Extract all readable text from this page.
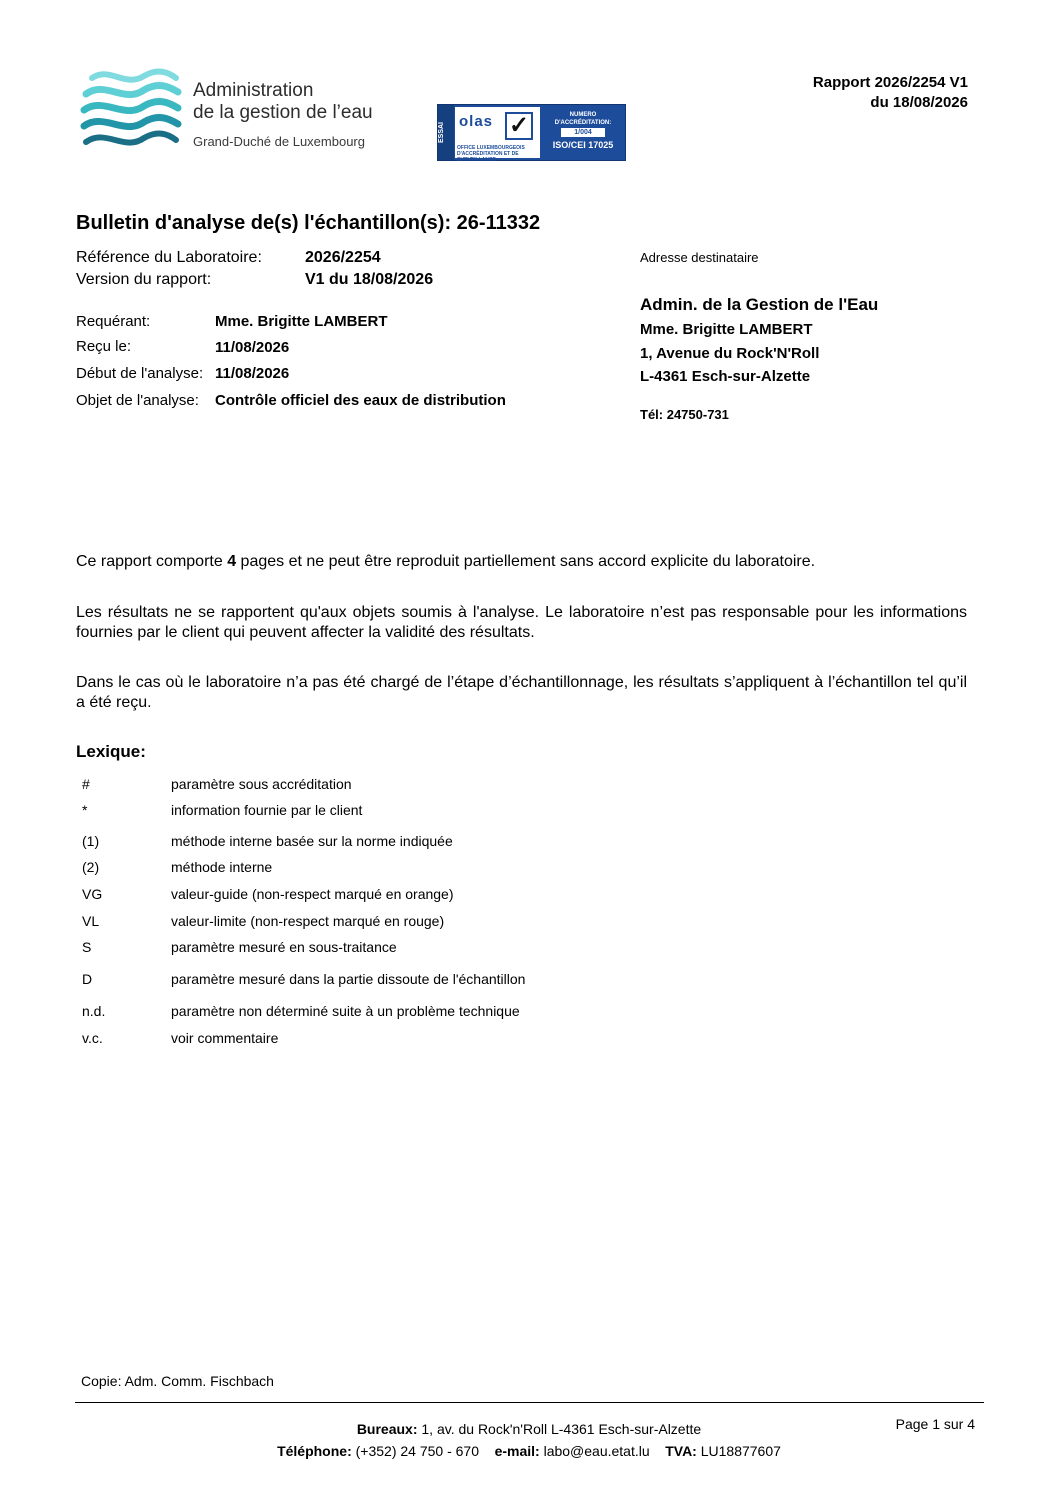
Administration
de la gestion de l’eau
Grand-Duché de Luxembourg	ESSAI
olas ✓
OFFICE LUXEMBOURGEOIS D'ACCRÉDITATION ET DE SURVEILLANCE
NUMERO D'ACCRÉDITATION:
1/004
ISO/CEI 17025
Rapport 2026/2254 V1
du 18/08/2026
Bulletin d'analyse de(s) l'échantillon(s): 26-11332
Référence du Laboratoire:	2026/2254
Version du rapport:	V1 du 18/08/2026
Requérant:	Mme. Brigitte LAMBERT
Reçu le:	11/08/2026
Début de l'analyse: 11/08/2026
Objet de l'analyse: Contrôle officiel des eaux de distribution
Adresse destinataire
Admin. de la Gestion de l'Eau
Mme. Brigitte LAMBERT
1, Avenue du Rock'N'Roll
L-4361 Esch-sur-Alzette
Tél: 24750-731
Ce rapport comporte 4 pages et ne peut être reproduit partiellement sans accord explicite du laboratoire.
Les résultats ne se rapportent qu'aux objets soumis à l'analyse. Le laboratoire n’est pas responsable pour les informations fournies par le client qui peuvent affecter la validité des résultats.
Dans le cas où le laboratoire n’a pas été chargé de l’étape d’échantillonnage, les résultats s’appliquent à l’échantillon tel qu’il a été reçu.
Lexique:
#	paramètre sous accréditation
*	information fournie par le client
(1)	méthode interne basée sur la norme indiquée
(2)	méthode interne
VG	valeur-guide (non-respect marqué en orange)
VL	valeur-limite (non-respect marqué en rouge)
S	paramètre mesuré en sous-traitance
D	paramètre mesuré dans la partie dissoute de l'échantillon
n.d.	paramètre non déterminé suite à un problème technique
v.c.	voir commentaire
Copie: Adm. Comm. Fischbach
Page 1 sur 4
Bureaux: 1, av. du Rock'n'Roll L-4361 Esch-sur-Alzette
Téléphone: (+352) 24 750 - 670 e-mail: labo@eau.etat.lu TVA: LU18877607
